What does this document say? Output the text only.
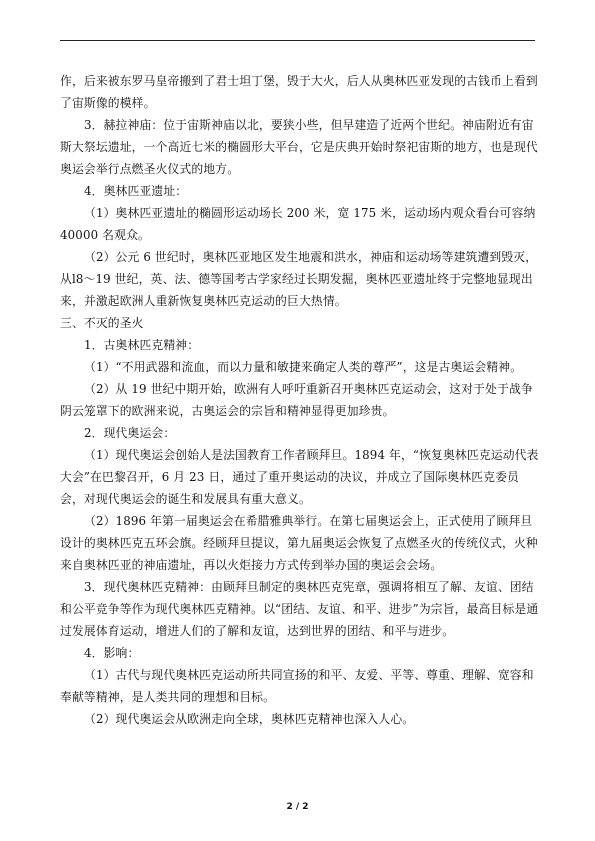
作，后来被东罗马皇帝搬到了君士坦丁堡，毁于大火，后人从奥林匹亚发现的古钱币上看到了宙斯像的模样。

3．赫拉神庙：位于宙斯神庙以北，要狭小些，但早建造了近两个世纪。神庙附近有宙斯大祭坛遗址，一个高近七米的椭圆形大平台，它是庆典开始时祭祀宙斯的地方，也是现代奥运会举行点燃圣火仪式的地方。

4．奥林匹亚遗址：

（1）奥林匹亚遗址的椭圆形运动场长 200 米，宽 175 米，运动场内观众看台可容纳 40000 名观众。

（2）公元 6 世纪时，奥林匹亚地区发生地震和洪水，神庙和运动场等建筑遭到毁灭，从l8～19 世纪，英、法、德等国考古学家经过长期发掘，奥林匹亚遗址终于完整地显现出来，并激起欧洲人重新恢复奥林匹克运动的巨大热情。

三、不灭的圣火

1．古奥林匹克精神：

（1）“不用武器和流血，而以力量和敏捷来确定人类的尊严”，这是古奥运会精神。

（2）从 19 世纪中期开始，欧洲有人呼吁重新召开奥林匹克运动会，这对于处于战争阴云笼罩下的欧洲来说，古奥运会的宗旨和精神显得更加珍贵。

2．现代奥运会：

（1）现代奥运会创始人是法国教育工作者顾拜旦。1894 年，“恢复奥林匹克运动代表大会”在巴黎召开，6 月 23 日，通过了重开奥运动的决议，并成立了国际奥林匹克委员会，对现代奥运会的诞生和发展具有重大意义。

（2）1896 年第一届奥运会在希腊雅典举行。在第七届奥运会上，正式使用了顾拜旦设计的奥林匹克五环会旗。经顾拜旦提议，第九届奥运会恢复了点燃圣火的传统仪式，火种来自奥林匹亚的神庙遗址，再以火炬接力方式传到举办国的奥运会会场。

3．现代奥林匹克精神：由顾拜旦制定的奥林匹克宪章，强调将相互了解、友谊、团结和公平竞争等作为现代奥林匹克精神。以“团结、友谊、和平、进步”为宗旨，最高目标是通过发展体育运动，增进人们的了解和友谊，达到世界的团结、和平与进步。

4．影响：

（1）古代与现代奥林匹克运动所共同宣扬的和平、友爱、平等、尊重、理解、宽容和奉献等精神，是人类共同的理想和目标。

（2）现代奥运会从欧洲走向全球，奥林匹克精神也深入人心。

2 / 2
